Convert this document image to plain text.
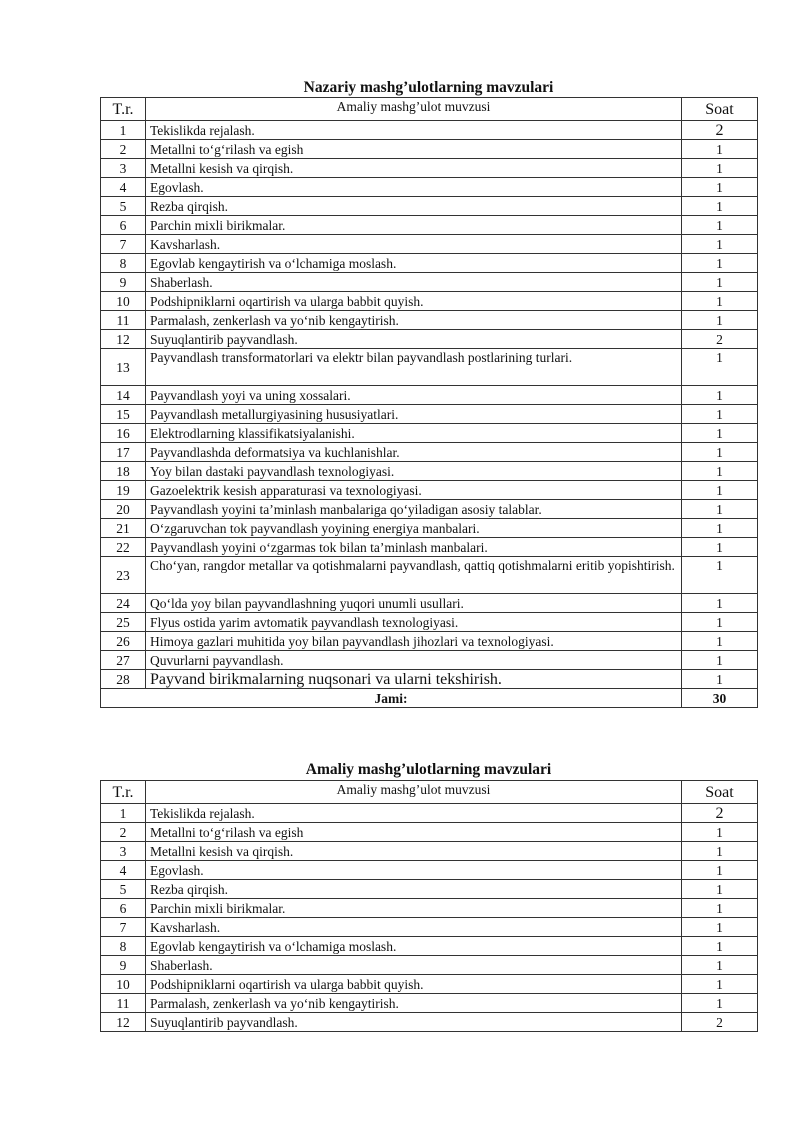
Nazariy mashg’ulotlarning mavzulari
T.r.	Amaliy mashg’ulot muvzusi	Soat
1	Tekislikda rejalash.	2
2	Metallni to‘g‘rilash va egish	1
3	Metallni kesish va qirqish.	1
4	Egovlash.	1
5	Rezba qirqish.	1
6	Parchin mixli birikmalar.	1
7	Kavsharlash.	1
8	Egovlab kengaytirish va o‘lchamiga moslash.	1
9	Shaberlash.	1
10	Podshipniklarni oqartirish va ularga babbit quyish.	1
11	Parmalash, zenkerlash va yo‘nib kengaytirish.	1
12	Suyuqlantirib payvandlash.	2
13	Payvandlash transformatorlari va elektr bilan payvandlash postlarining turlari.	1
14	Payvandlash yoyi va uning xossalari.	1
15	Payvandlash metallurgiyasining hususiyatlari.	1
16	Elektrodlarning klassifikatsiyalanishi.	1
17	Payvandlashda deformatsiya va kuchlanishlar.	1
18	Yoy bilan dastaki payvandlash texnologiyasi.	1
19	Gazoelektrik kesish apparaturasi va texnologiyasi.	1
20	Payvandlash yoyini ta’minlash manbalariga qo‘yiladigan asosiy talablar.	1
21	O‘zgaruvchan tok payvandlash yoyining energiya manbalari.	1
22	Payvandlash yoyini o‘zgarmas tok bilan ta’minlash manbalari.	1
23	Cho‘yan, rangdor metallar va qotishmalarni payvandlash, qattiq qotishmalarni eritib yopishtirish.	1
24	Qo‘lda yoy bilan payvandlashning yuqori unumli usullari.	1
25	Flyus ostida yarim avtomatik payvandlash texnologiyasi.	1
26	Himoya gazlari muhitida yoy bilan payvandlash jihozlari va texnologiyasi.	1
27	Quvurlarni payvandlash.	1
28	Payvand birikmalarning nuqsonari va ularni tekshirish.	1
Jami:		30
Amaliy mashg’ulotlarning mavzulari
T.r.	Amaliy mashg’ulot muvzusi	Soat
1	Tekislikda rejalash.	2
2	Metallni to‘g‘rilash va egish	1
3	Metallni kesish va qirqish.	1
4	Egovlash.	1
5	Rezba qirqish.	1
6	Parchin mixli birikmalar.	1
7	Kavsharlash.	1
8	Egovlab kengaytirish va o‘lchamiga moslash.	1
9	Shaberlash.	1
10	Podshipniklarni oqartirish va ularga babbit quyish.	1
11	Parmalash, zenkerlash va yo‘nib kengaytirish.	1
12	Suyuqlantirib payvandlash.	2
